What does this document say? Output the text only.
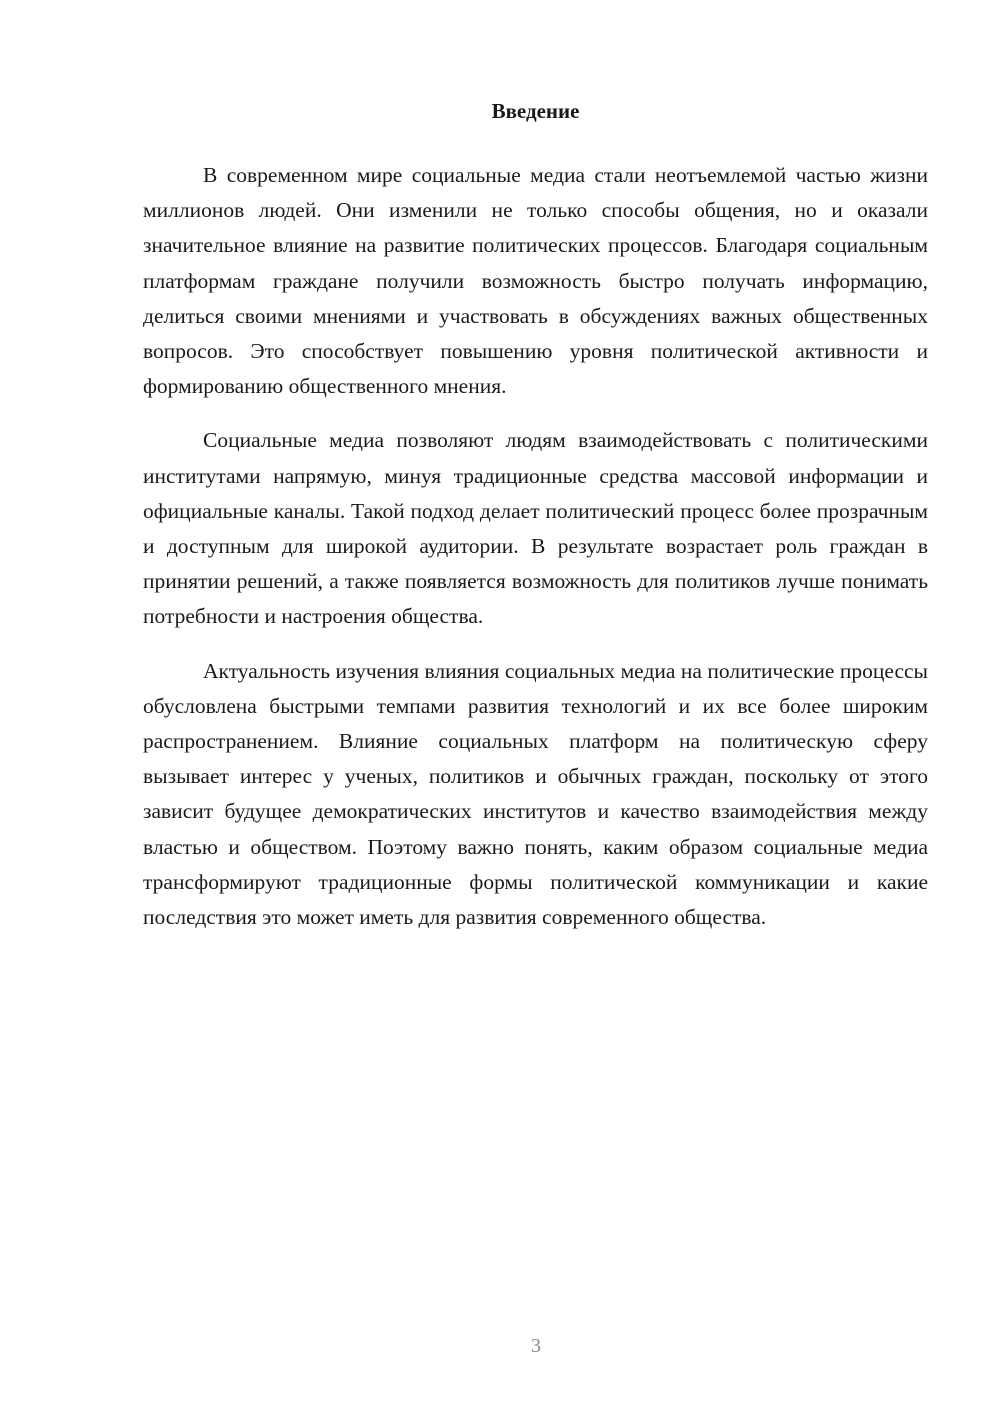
Введение

В современном мире социальные медиа стали неотъемлемой частью жизни миллионов людей. Они изменили не только способы общения, но и оказали значительное влияние на развитие политических процессов. Благодаря социальным платформам граждане получили возможность быстро получать информацию, делиться своими мнениями и участвовать в обсуждениях важных общественных вопросов. Это способствует повышению уровня политической активности и формированию общественного мнения.

Социальные медиа позволяют людям взаимодействовать с политическими институтами напрямую, минуя традиционные средства массовой информации и официальные каналы. Такой подход делает политический процесс более прозрачным и доступным для широкой аудитории. В результате возрастает роль граждан в принятии решений, а также появляется возможность для политиков лучше понимать потребности и настроения общества.

Актуальность изучения влияния социальных медиа на политические процессы обусловлена быстрыми темпами развития технологий и их все более широким распространением. Влияние социальных платформ на политическую сферу вызывает интерес у ученых, политиков и обычных граждан, поскольку от этого зависит будущее демократических институтов и качество взаимодействия между властью и обществом. Поэтому важно понять, каким образом социальные медиа трансформируют традиционные формы политической коммуникации и какие последствия это может иметь для развития современного общества.

3
